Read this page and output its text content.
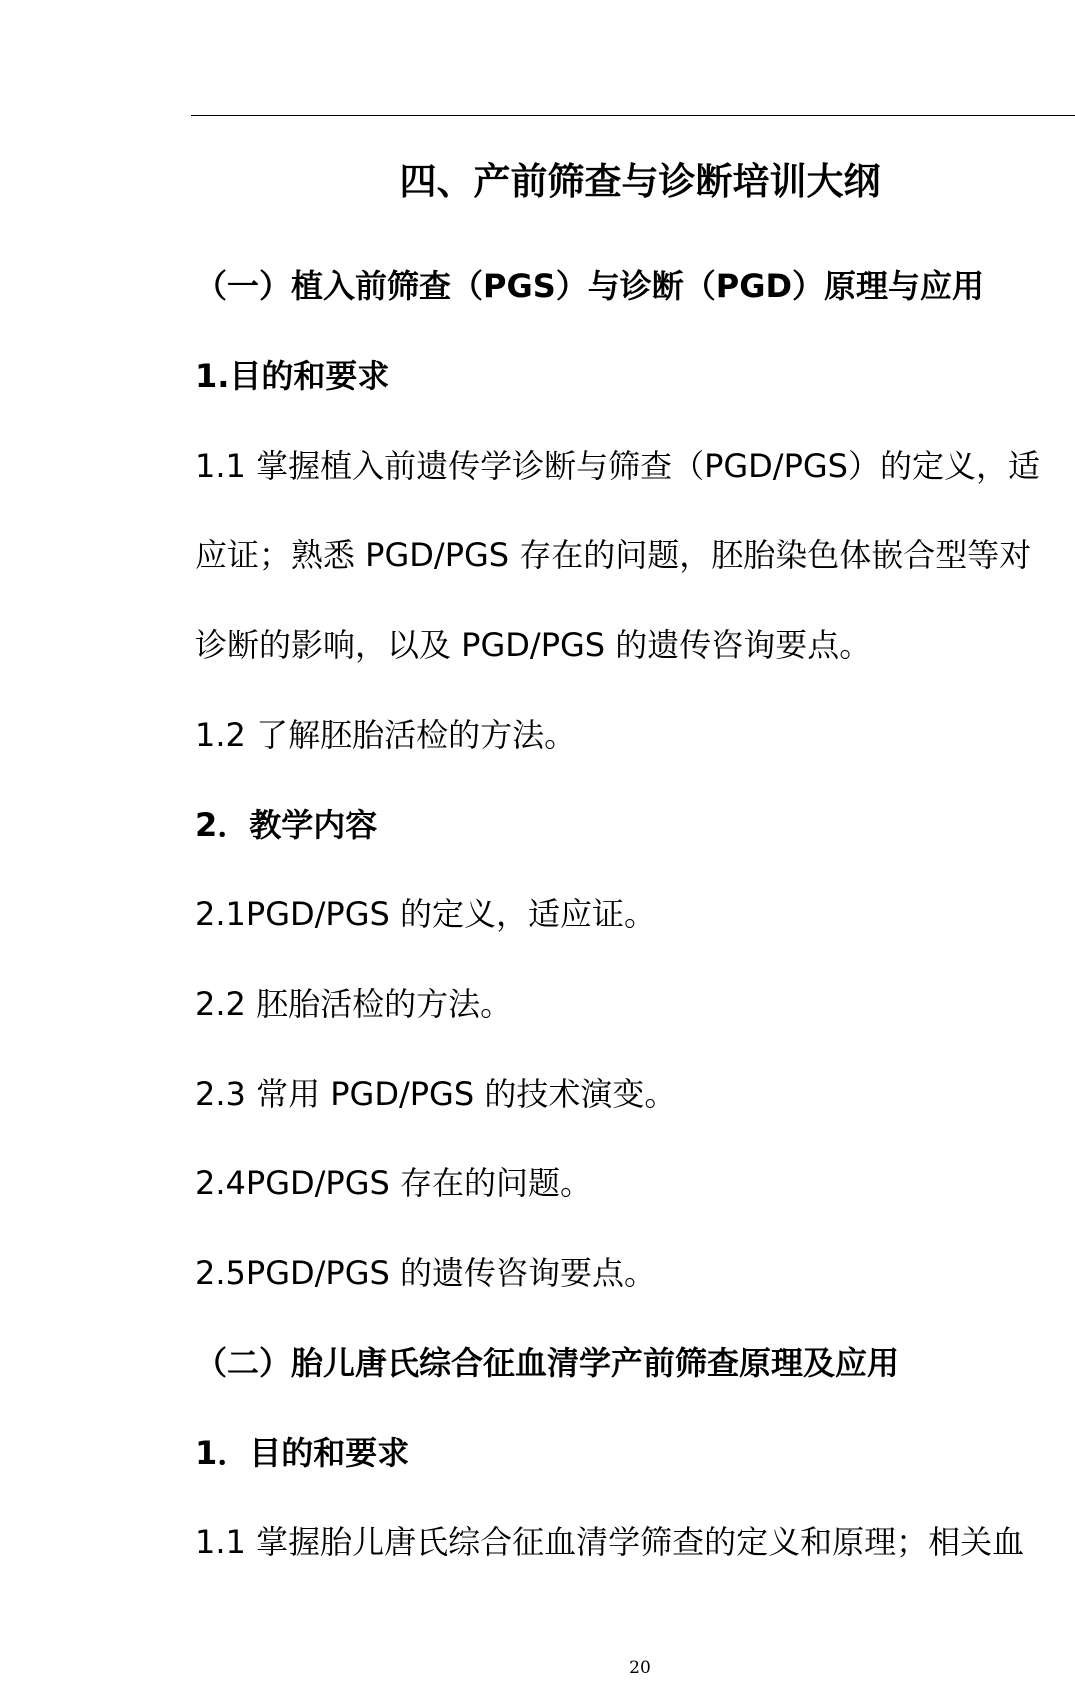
四、产前筛查与诊断培训大纲
（一）植入前筛查（PGS）与诊断（PGD）原理与应用
1.目的和要求
1.1 掌握植入前遗传学诊断与筛查（PGD/PGS）的定义，适
应证；熟悉 PGD/PGS 存在的问题，胚胎染色体嵌合型等对
诊断的影响，以及 PGD/PGS 的遗传咨询要点。
1.2 了解胚胎活检的方法。
2．教学内容
2.1PGD/PGS 的定义，适应证。
2.2 胚胎活检的方法。
2.3 常用 PGD/PGS 的技术演变。
2.4PGD/PGS 存在的问题。
2.5PGD/PGS 的遗传咨询要点。
（二）胎儿唐氏综合征血清学产前筛查原理及应用
1．目的和要求
1.1 掌握胎儿唐氏综合征血清学筛查的定义和原理；相关血
20
